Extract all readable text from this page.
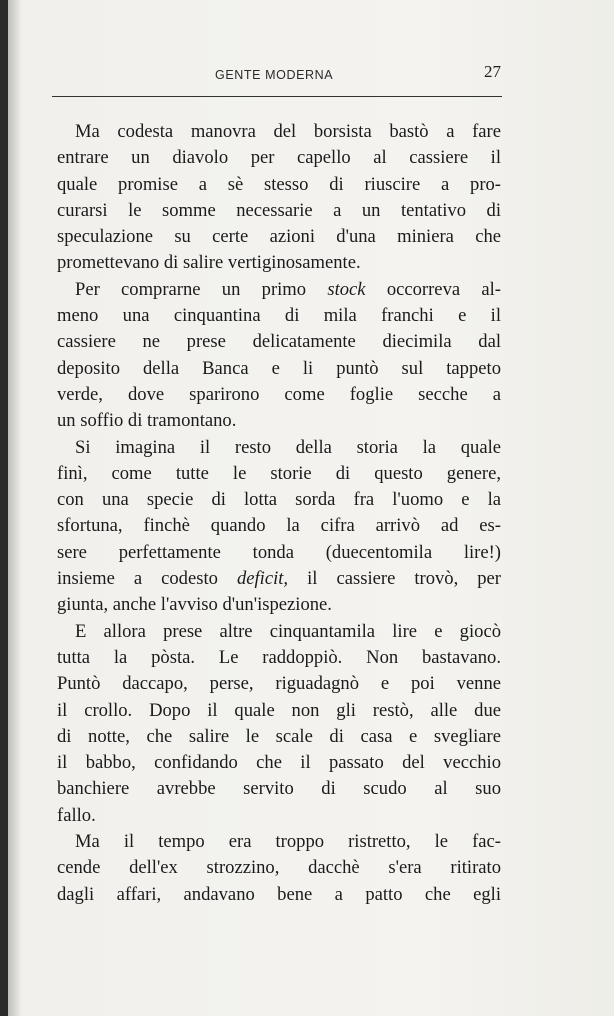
GENTE MODERNA	27

Ma codesta manovra del borsista bastò a fare
entrare un diavolo per capello al cassiere il
quale promise a sè stesso di riuscire a pro-
curarsi le somme necessarie a un tentativo di
speculazione su certe azioni d'una miniera che
promettevano di salire vertiginosamente.

Per comprarne un primo stock occorreva al-
meno una cinquantina di mila franchi e il
cassiere ne prese delicatamente diecimila dal
deposito della Banca e li puntò sul tappeto
verde, dove sparirono come foglie secche a
un soffio di tramontano.

Si imagina il resto della storia la quale
finì, come tutte le storie di questo genere,
con una specie di lotta sorda fra l'uomo e la
sfortuna, finchè quando la cifra arrivò ad es-
sere perfettamente tonda (duecentomila lire!)
insieme a codesto deficit, il cassiere trovò, per
giunta, anche l'avviso d'un'ispezione.

E allora prese altre cinquantamila lire e giocò
tutta la pòsta. Le raddoppiò. Non bastavano.
Puntò daccapo, perse, riguadagnò e poi venne
il crollo. Dopo il quale non gli restò, alle due
di notte, che salire le scale di casa e svegliare
il babbo, confidando che il passato del vecchio
banchiere avrebbe servito di scudo al suo
fallo.

Ma il tempo era troppo ristretto, le fac-
cende dell'ex strozzino, dacchè s'era ritirato
dagli affari, andavano bene a patto che egli
